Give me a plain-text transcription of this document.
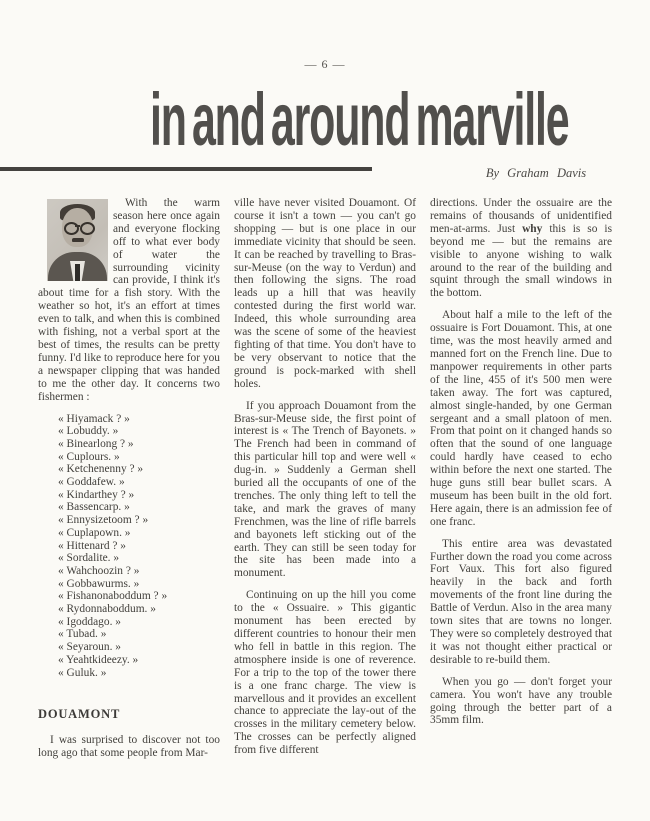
— 6 —
in and around marville
By Graham Davis

With the warm season here once again and everyone flocking off to what ever body of water the surrounding vicinity can provide, I think it's about time for a fish story. With the weather so hot, it's an effort at times even to talk, and when this is combined with fishing, not a verbal sport at the best of times, the results can be pretty funny. I'd like to reproduce here for you a newspaper clipping that was handed to me the other day. It concerns two fishermen :

« Hiyamack ? »
« Lobuddy. »
« Binearlong ? »
« Cuplours. »
« Ketchenenny ? »
« Goddafew. »
« Kindarthey ? »
« Bassencarp. »
« Ennysizetoom ? »
« Cuplapown. »
« Hittenard ? »
« Sordalite. »
« Wahchoozin ? »
« Gobbawurms. »
« Fishanonaboddum ? »
« Rydonnaboddum. »
« Igoddago. »
« Tubad. »
« Seyaroun. »
« Yeahtkideezy. »
« Guluk. »
DOUAMONT

I was surprised to discover not too long ago that some people from Mar-

ville have never visited Douamont. Of course it isn't a town — you can't go shopping — but is one place in our immediate vicinity that should be seen. It can be reached by travelling to Bras-sur-Meuse (on the way to Verdun) and then following the signs. The road leads up a hill that was heavily contested during the first world war. Indeed, this whole surrounding area was the scene of some of the heaviest fighting of that time. You don't have to be very observant to notice that the ground is pock-marked with shell holes.

If you approach Douamont from the Bras-sur-Meuse side, the first point of interest is « The Trench of Bayonets. » The French had been in command of this particular hill top and were well « dug-in. » Suddenly a German shell buried all the occupants of one of the trenches. The only thing left to tell the take, and mark the graves of many Frenchmen, was the line of rifle barrels and bayonets left sticking out of the earth. They can still be seen today for the site has been made into a monument.

Continuing on up the hill you come to the « Ossuaire. » This gigantic monument has been erected by different countries to honour their men who fell in battle in this region. The atmosphere inside is one of reverence. For a trip to the top of the tower there is a one franc charge. The view is marvellous and it provides an excellent chance to appreciate the lay-out of the crosses in the military cemetery below. The crosses can be perfectly aligned from five different

directions. Under the ossuaire are the remains of thousands of unidentified men-at-arms. Just why this is so is beyond me — but the remains are visible to anyone wishing to walk around to the rear of the building and squint through the small windows in the bottom.

About half a mile to the left of the ossuaire is Fort Douamont. This, at one time, was the most heavily armed and manned fort on the French line. Due to manpower requirements in other parts of the line, 455 of it's 500 men were taken away. The fort was captured, almost single-handed, by one German sergeant and a small platoon of men. From that point on it changed hands so often that the sound of one language could hardly have ceased to echo within before the next one started. The huge guns still bear bullet scars. A museum has been built in the old fort. Here again, there is an admission fee of one franc.

This entire area was devastated Further down the road you come across Fort Vaux. This fort also figured heavily in the back and forth movements of the front line during the Battle of Verdun. Also in the area many town sites that are towns no longer. They were so completely destroyed that it was not thought either practical or desirable to re-build them.

When you go — don't forget your camera. You won't have any trouble going through the better part of a 35mm film.
